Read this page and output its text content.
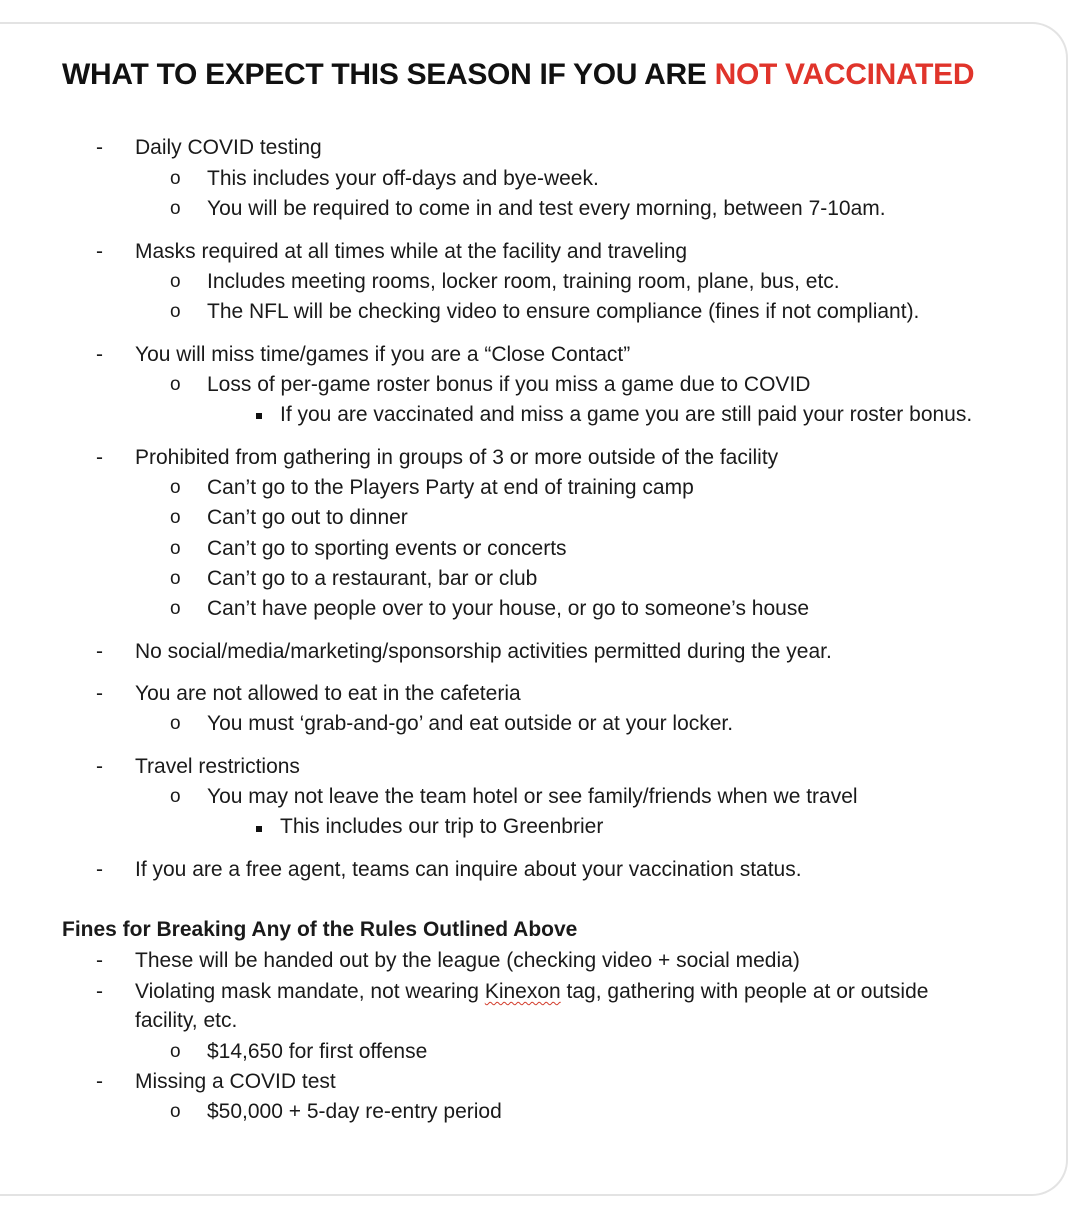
WHAT TO EXPECT THIS SEASON IF YOU ARE NOT VACCINATED
- Daily COVID testing
o This includes your off-days and bye-week.
o You will be required to come in and test every morning, between 7-10am.
- Masks required at all times while at the facility and traveling
o Includes meeting rooms, locker room, training room, plane, bus, etc.
o The NFL will be checking video to ensure compliance (fines if not compliant).
- You will miss time/games if you are a “Close Contact”
o Loss of per-game roster bonus if you miss a game due to COVID
If you are vaccinated and miss a game you are still paid your roster bonus.
- Prohibited from gathering in groups of 3 or more outside of the facility
o Can’t go to the Players Party at end of training camp
o Can’t go out to dinner
o Can’t go to sporting events or concerts
o Can’t go to a restaurant, bar or club
o Can’t have people over to your house, or go to someone’s house
- No social/media/marketing/sponsorship activities permitted during the year.
- You are not allowed to eat in the cafeteria
o You must ‘grab-and-go’ and eat outside or at your locker.
- Travel restrictions
o You may not leave the team hotel or see family/friends when we travel
This includes our trip to Greenbrier
- If you are a free agent, teams can inquire about your vaccination status.
Fines for Breaking Any of the Rules Outlined Above
- These will be handed out by the league (checking video + social media)
- Violating mask mandate, not wearing Kinexon tag, gathering with people at or outside
facility, etc.
o $14,650 for first offense
- Missing a COVID test
o $50,000 + 5-day re-entry period
